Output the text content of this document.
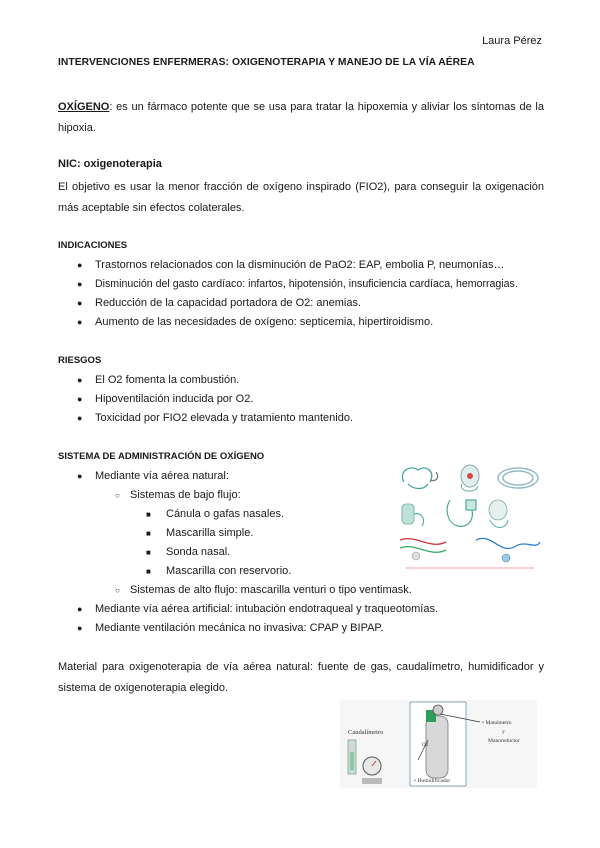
Laura Pérez
INTERVENCIONES ENFERMERAS: OXIGENOTERAPIA Y MANEJO DE LA VÍA AÉREA
OXÍGENO: es un fármaco potente que se usa para tratar la hipoxemia y aliviar los síntomas de la hipoxia.
NIC: oxigenoterapia
El objetivo es usar la menor fracción de oxígeno inspirado (FIO2), para conseguir la oxigenación más aceptable sin efectos colaterales.
INDICACIONES
● Trastornos relacionados con la disminución de PaO2: EAP, embolia P, neumonías…
● Disminución del gasto cardíaco: infartos, hipotensión, insuficiencia cardíaca, hemorragias.
● Reducción de la capacidad portadora de O2: anemias.
● Aumento de las necesidades de oxígeno: septicemia, hipertiroidismo.
RIESGOS
● El O2 fomenta la combustión.
● Hipoventilación inducida por O2.
● Toxicidad por FIO2 elevada y tratamiento mantenido.
SISTEMA DE ADMINISTRACIÓN DE OXÍGENO
● Mediante vía aérea natural:
○ Sistemas de bajo flujo:
■ Cánula o gafas nasales.
■ Mascarilla simple.
■ Sonda nasal.
■ Mascarilla con reservorio.
○ Sistemas de alto flujo: mascarilla venturi o tipo ventimask.
● Mediante vía aérea artificial: intubación endotraqueal y traqueotomías.
● Mediante ventilación mecánica no invasiva: CPAP y BIPAP.
Material para oxigenoterapia de vía aérea natural: fuente de gas, caudalímetro, humidificador y sistema de oxigenoterapia elegido.
Caudalímetro
O2
• Manómetro
y
Manoreductor
• Humidificador
